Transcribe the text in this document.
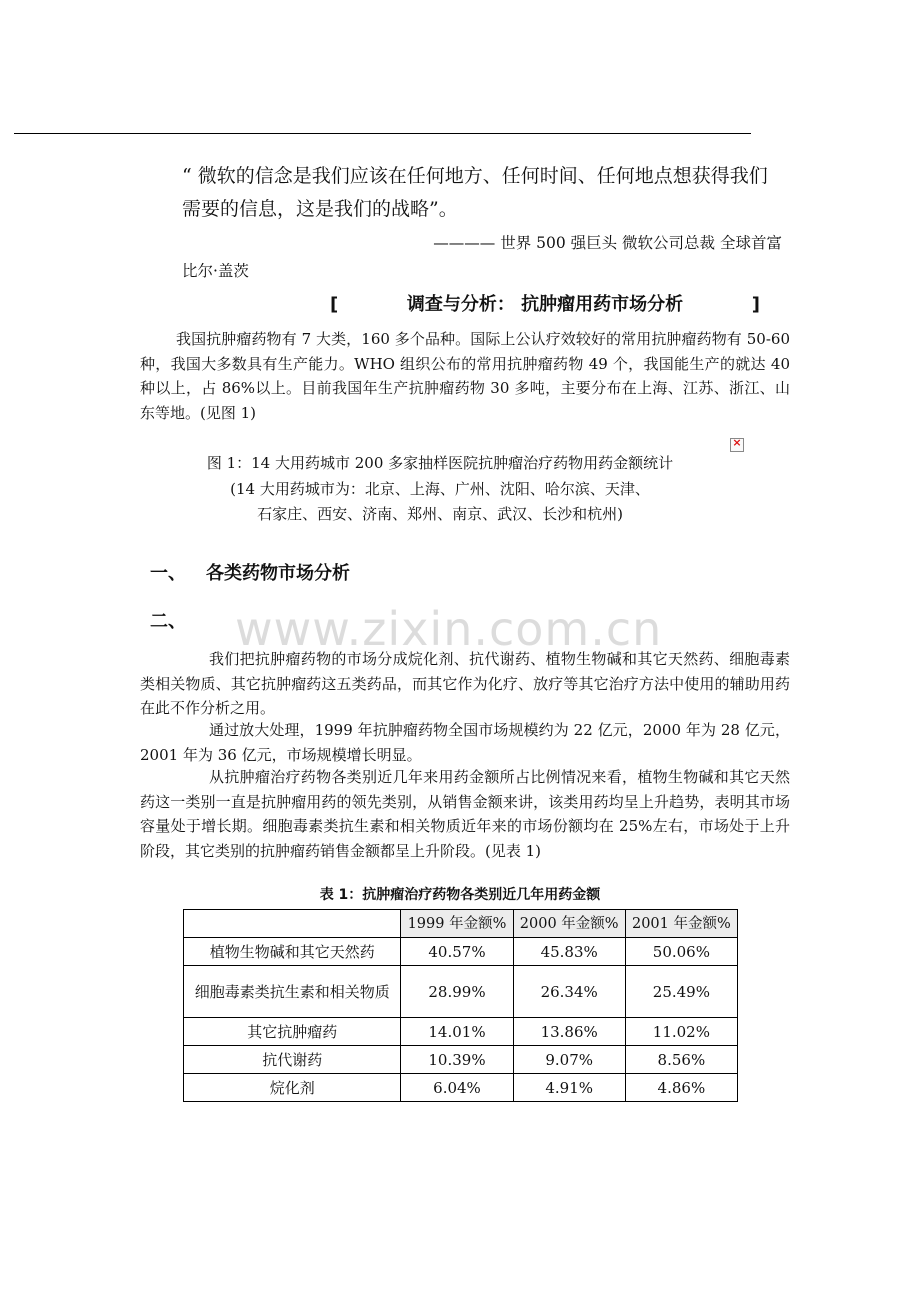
“ 微软的信念是我们应该在任何地方、任何时间、任何地点想获得我们需要的信息，这是我们的战略”。
———— 世界 500 强巨头 微软公司总裁 全球首富
比尔·盖茨
[	调查与分析： 抗肿瘤用药市场分析	]
我国抗肿瘤药物有 7 大类，160 多个品种。国际上公认疗效较好的常用抗肿瘤药物有 50-60 种，我国大多数具有生产能力。WHO 组织公布的常用抗肿瘤药物 49 个，我国能生产的就达 40 种以上，占 86%以上。目前我国年生产抗肿瘤药物 30 多吨，主要分布在上海、江苏、浙江、山东等地。(见图 1)
图 1：14 大用药城市 200 多家抽样医院抗肿瘤治疗药物用药金额统计
(14 大用药城市为：北京、上海、广州、沈阳、哈尔滨、天津、
石家庄、西安、济南、郑州、南京、武汉、长沙和杭州)
×
一、 各类药物市场分析
www.zixin.com.cn
二、
我们把抗肿瘤药物的市场分成烷化剂、抗代谢药、植物生物碱和其它天然药、细胞毒素类相关物质、其它抗肿瘤药这五类药品，而其它作为化疗、放疗等其它治疗方法中使用的辅助用药在此不作分析之用。
通过放大处理，1999 年抗肿瘤药物全国市场规模约为 22 亿元，2000 年为 28 亿元，2001 年为 36 亿元，市场规模增长明显。
从抗肿瘤治疗药物各类别近几年来用药金额所占比例情况来看，植物生物碱和其它天然药这一类别一直是抗肿瘤用药的领先类别，从销售金额来讲，该类用药均呈上升趋势，表明其市场容量处于增长期。细胞毒素类抗生素和相关物质近年来的市场份额均在 25%左右，市场处于上升阶段，其它类别的抗肿瘤药销售金额都呈上升阶段。(见表 1)
表 1：抗肿瘤治疗药物各类别近几年用药金额
	1999 年金额%	2000 年金额%	2001 年金额%
植物生物碱和其它天然药	40.57%	45.83%	50.06%
细胞毒素类抗生素和相关物质	28.99%	26.34%	25.49%
其它抗肿瘤药	14.01%	13.86%	11.02%
抗代谢药	10.39%	9.07%	8.56%
烷化剂	6.04%	4.91%	4.86%
